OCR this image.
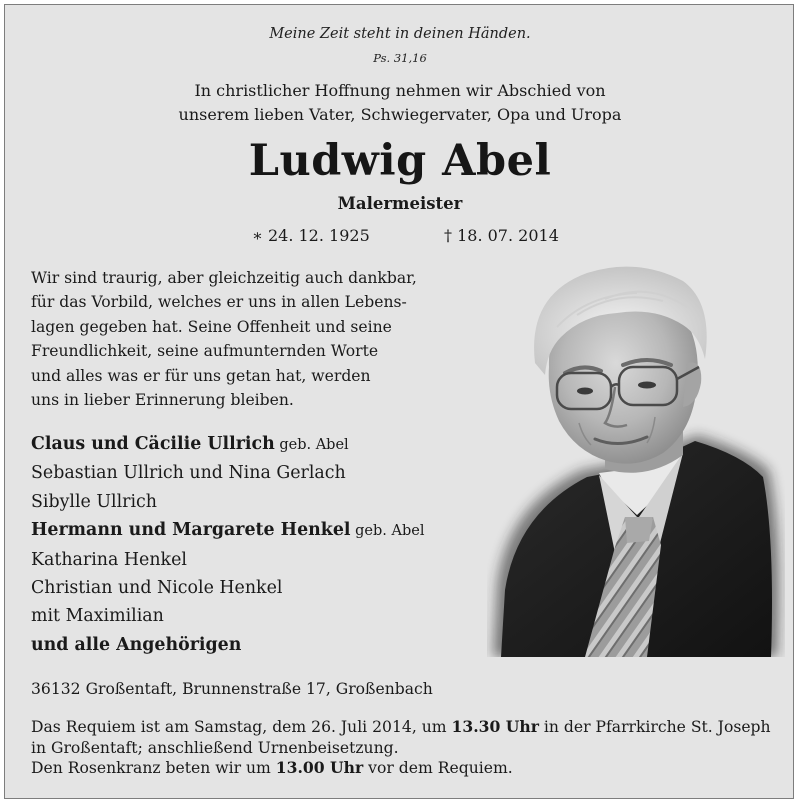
Meine Zeit steht in deinen Händen.
Ps. 31,16
In christlicher Hoffnung nehmen wir Abschied von
unserem lieben Vater, Schwiegervater, Opa und Uropa
Ludwig Abel
Malermeister
∗ 24. 12. 1925	† 18. 07. 2014
Wir sind traurig, aber gleichzeitig auch dankbar,
für das Vorbild, welches er uns in allen Lebens-
lagen gegeben hat. Seine Offenheit und seine
Freundlichkeit, seine aufmunternden Worte
und alles was er für uns getan hat, werden
uns in lieber Erinnerung bleiben.
Claus und Cäcilie Ullrich geb. Abel
Sebastian Ullrich und Nina Gerlach
Sibylle Ullrich
Hermann und Margarete Henkel geb. Abel
Katharina Henkel
Christian und Nicole Henkel
mit Maximilian
und alle Angehörigen
36132 Großentaft, Brunnenstraße 17, Großenbach
Das Requiem ist am Samstag, dem 26. Juli 2014, um 13.30 Uhr in der Pfarrkirche St. Joseph
in Großentaft; anschließend Urnenbeisetzung.
Den Rosenkranz beten wir um 13.00 Uhr vor dem Requiem.
